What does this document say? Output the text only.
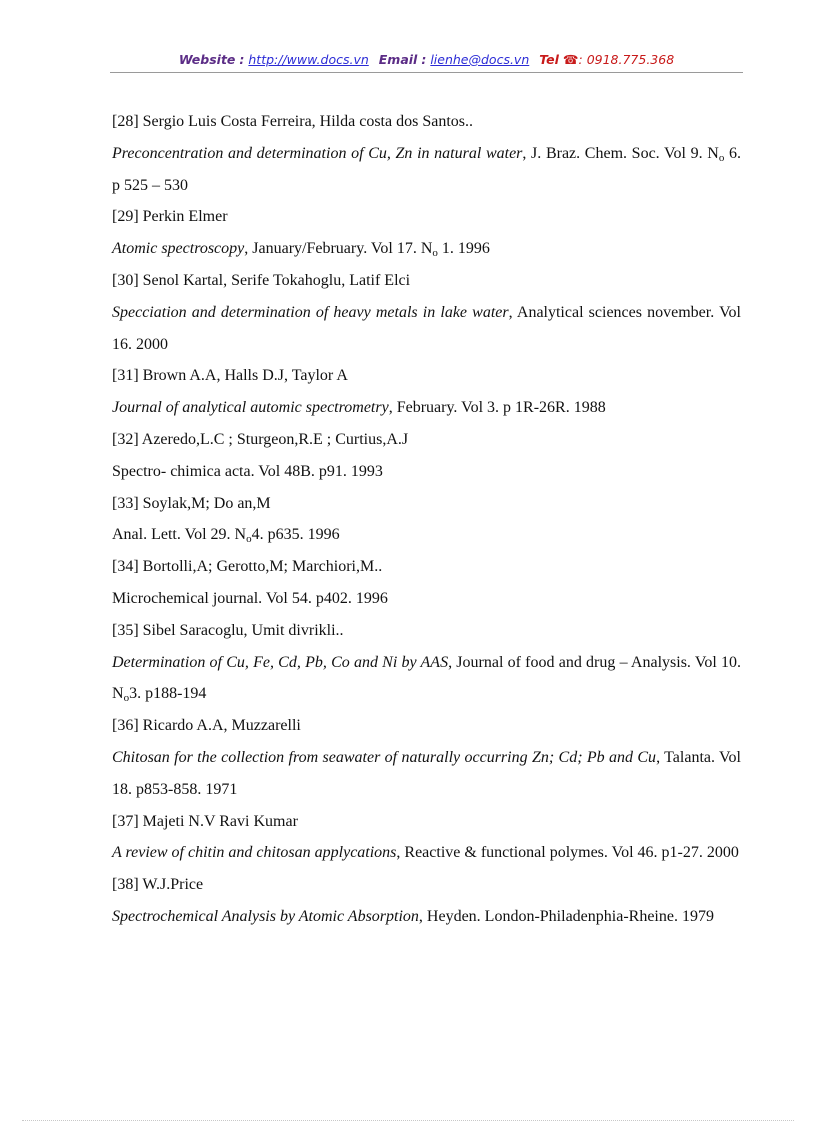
Website : http://www.docs.vn Email : lienhe@docs.vn Tel ☎: 0918.775.368
[28] Sergio Luis Costa Ferreira, Hilda costa dos Santos..
Preconcentration and determination of Cu, Zn in natural water, J. Braz. Chem. Soc. Vol 9. $N_o$ 6. p 525 – 530
[29] Perkin Elmer
Atomic spectroscopy, January/February. Vol 17. $N_o$ 1. 1996
[30] Senol Kartal, Serife Tokahoglu, Latif Elci
Specciation and determination of heavy metals in lake water, Analytical sciences november. Vol 16. 2000
[31] Brown A.A, Halls D.J, Taylor A
Journal of analytical automic spectrometry, February. Vol 3. p 1R-26R. 1988
[32] Azeredo,L.C ; Sturgeon,R.E ; Curtius,A.J
Spectro- chimica acta. Vol 48B. p91. 1993
[33] Soylak,M; Do an,M
Anal. Lett. Vol 29. $N_o4$. p635. 1996
[34] Bortolli,A; Gerotto,M; Marchiori,M..
Microchemical journal. Vol 54. p402. 1996
[35] Sibel Saracoglu, Umit divrikli..
Determination of Cu, Fe, Cd, Pb, Co and Ni by AAS, Journal of food and drug – Analysis. Vol 10. $N_o3$. p188-194
[36] Ricardo A.A, Muzzarelli
Chitosan for the collection from seawater of naturally occurring Zn; Cd; Pb and Cu, Talanta. Vol 18. p853-858. 1971
[37] Majeti N.V Ravi Kumar
A review of chitin and chitosan applycations, Reactive & functional polymes. Vol 46. p1-27. 2000
[38] W.J.Price
Spectrochemical Analysis by Atomic Absorption, Heyden. London-Philadenphia-Rheine. 1979
